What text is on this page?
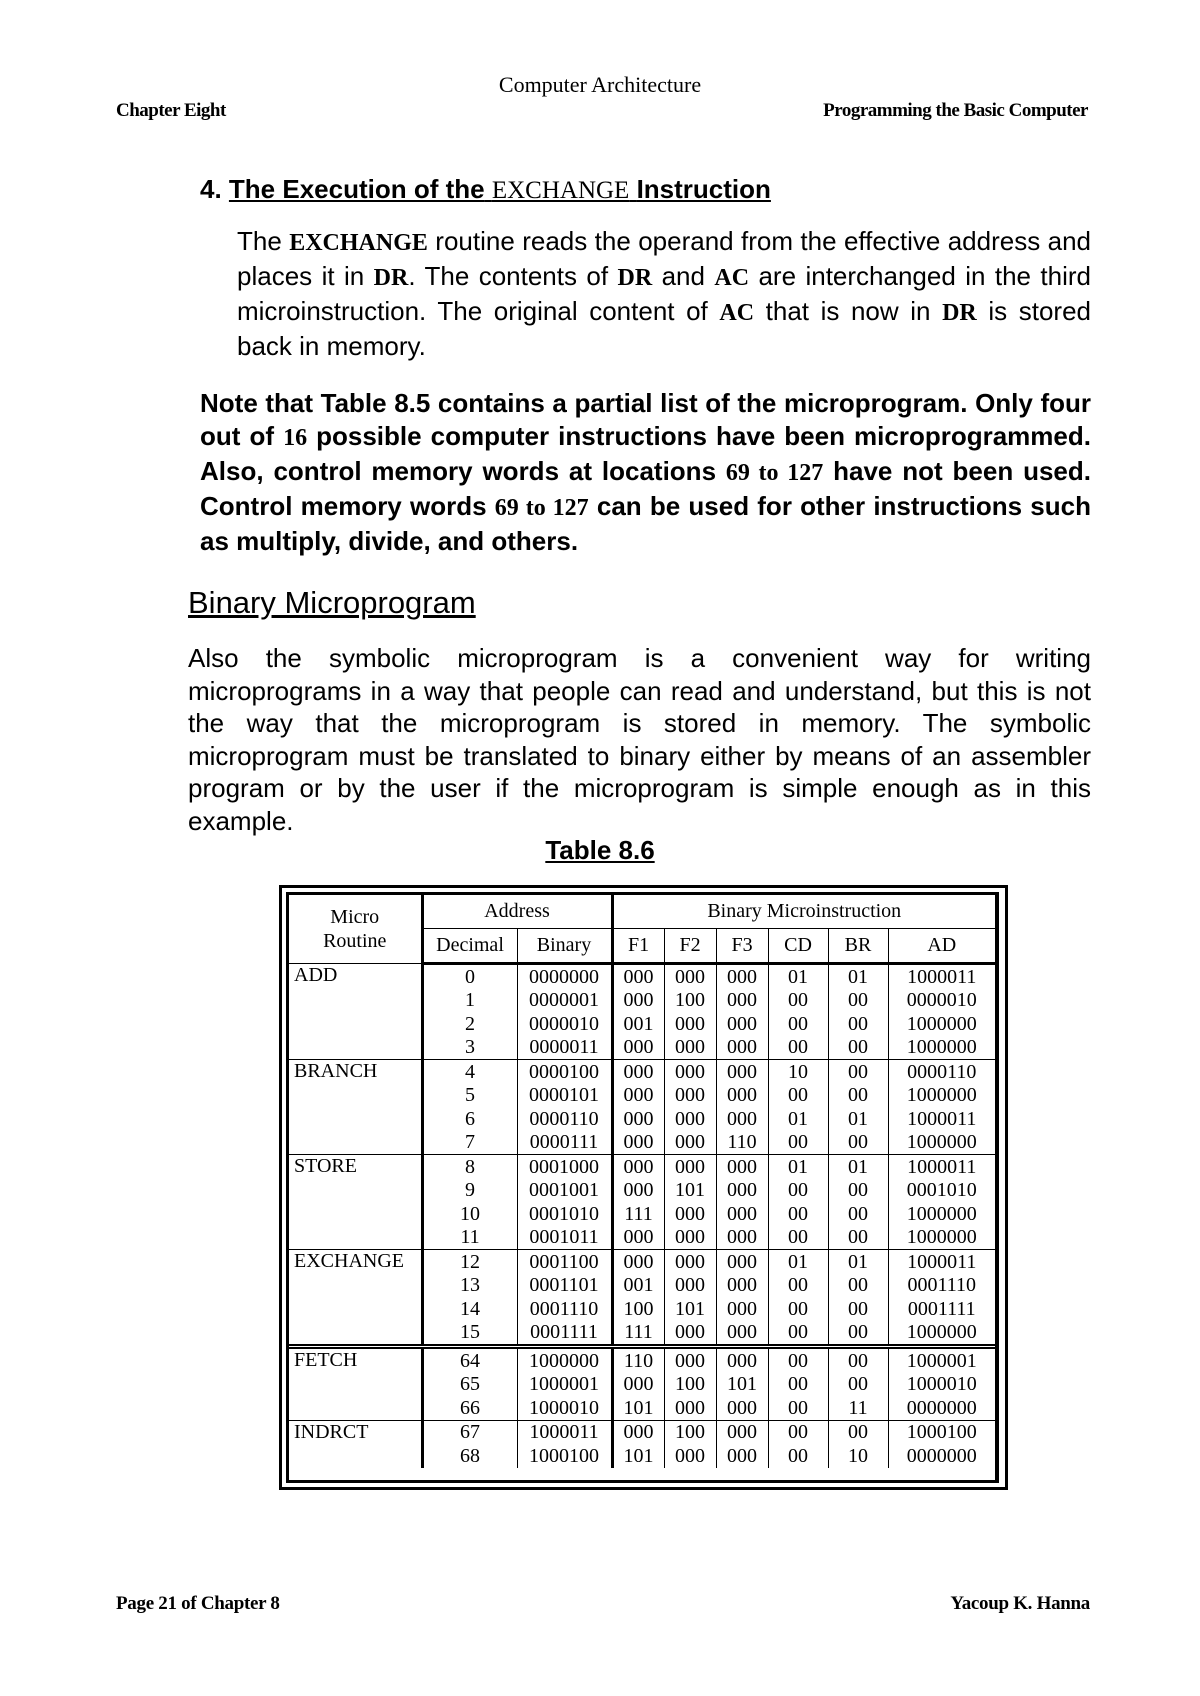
Computer Architecture
Chapter Eight	Programming the Basic Computer
4. The Execution of the EXCHANGE Instruction
The EXCHANGE routine reads the operand from the effective address and places it in DR. The contents of DR and AC are interchanged in the third microinstruction. The original content of AC that is now in DR is stored back in memory.
Note that Table 8.5 contains a partial list of the microprogram. Only four out of 16 possible computer instructions have been microprogrammed. Also, control memory words at locations 69 to 127 have not been used. Control memory words 69 to 127 can be used for other instructions such as multiply, divide, and others.
Binary Microprogram
Also the symbolic microprogram is a convenient way for writing microprograms in a way that people can read and understand, but this is not the way that the microprogram is stored in memory. The symbolic microprogram must be translated to binary either by means of an assembler program or by the user if the microprogram is simple enough as in this example.
Table 8.6
Micro
Routine	Address		Binary Microinstruction					
	Decimal	Binary	F1	F2	F3	CD	BR	AD
ADD	0	0000000	000	000	000	01	01	1000011
	1	0000001	000	100	000	00	00	0000010
	2	0000010	001	000	000	00	00	1000000
	3	0000011	000	000	000	00	00	1000000
BRANCH	4	0000100	000	000	000	10	00	0000110
	5	0000101	000	000	000	00	00	1000000
	6	0000110	000	000	000	01	01	1000011
	7	0000111	000	000	110	00	00	1000000
STORE	8	0001000	000	000	000	01	01	1000011
	9	0001001	000	101	000	00	00	0001010
	10	0001010	111	000	000	00	00	1000000
	11	0001011	000	000	000	00	00	1000000
EXCHANGE	12	0001100	000	000	000	01	01	1000011
	13	0001101	001	000	000	00	00	0001110
	14	0001110	100	101	000	00	00	0001111
	15	0001111	111	000	000	00	00	1000000
FETCH	64	1000000	110	000	000	00	00	1000001
	65	1000001	000	100	101	00	00	1000010
	66	1000010	101	000	000	00	11	0000000
INDRCT	67	1000011	000	100	000	00	00	1000100
	68	1000100	101	000	000	00	10	0000000
Page 21 of Chapter 8	Yacoup K. Hanna
